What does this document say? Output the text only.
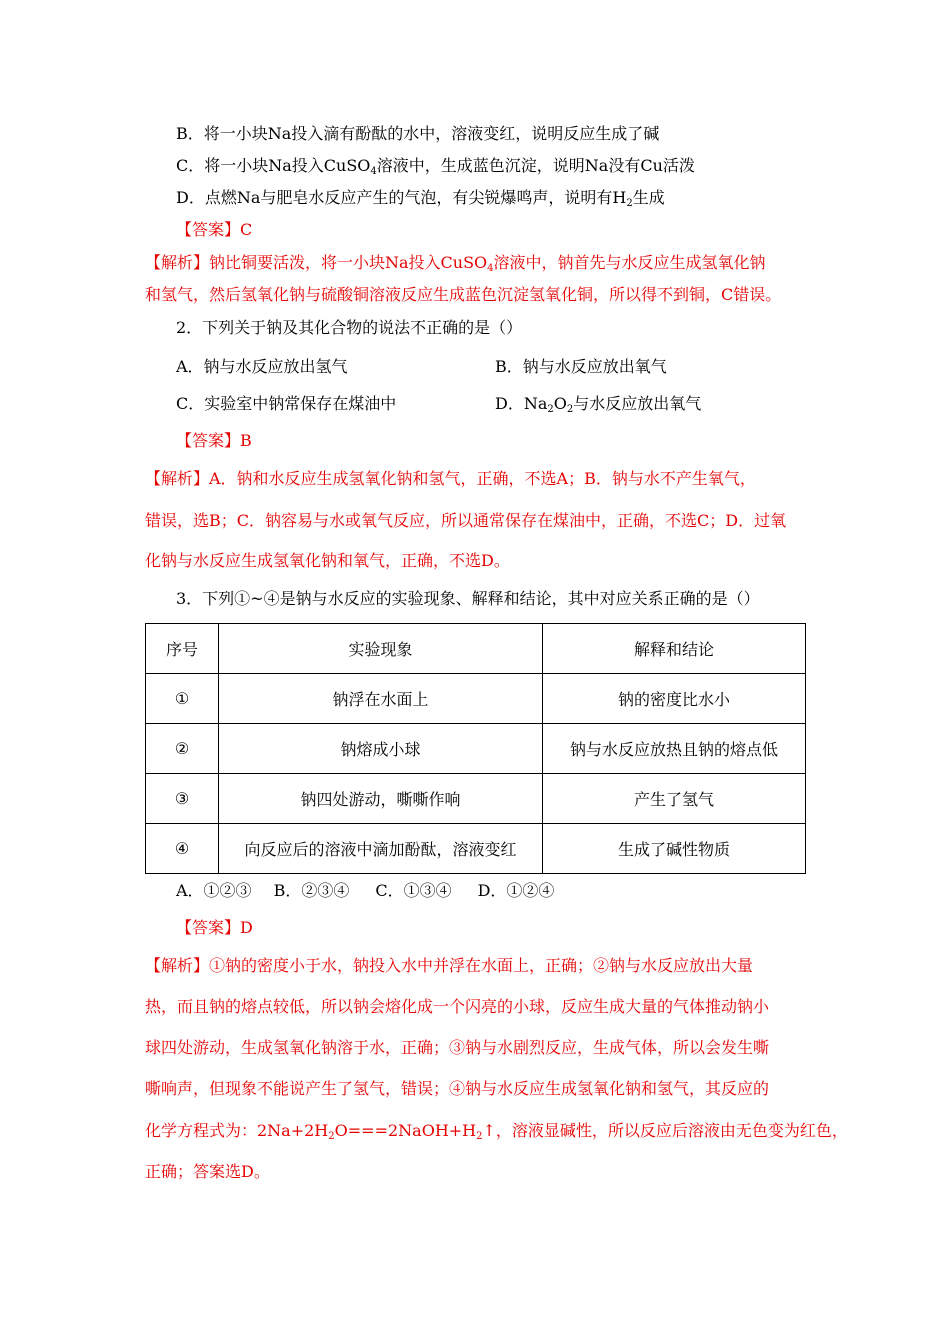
B．将一小块Na投入滴有酚酞的水中，溶液变红，说明反应生成了碱
C．将一小块Na投入CuSO$_4$溶液中，生成蓝色沉淀，说明Na没有Cu活泼
D．点燃Na与肥皂水反应产生的气泡，有尖锐爆鸣声，说明有$H_2$生成
【答案】C
【解析】钠比铜要活泼，将一小块Na投入CuSO$_4$溶液中，钠首先与水反应生成氢氧化钠
和氢气，然后氢氧化钠与硫酸铜溶液反应生成蓝色沉淀氢氧化铜，所以得不到铜，C错误。
2．下列关于钠及其化合物的说法不正确的是（）
A．钠与水反应放出氢气	B．钠与水反应放出氧气
C．实验室中钠常保存在煤油中	D．$Na_2O_2$与水反应放出氧气
【答案】B
【解析】A．钠和水反应生成氢氧化钠和氢气，正确，不选A；B．钠与水不产生氧气，
错误，选B；C．钠容易与水或氧气反应，所以通常保存在煤油中，正确，不选C；D．过氧
化钠与水反应生成氢氧化钠和氧气，正确，不选D。
3．下列①~④是钠与水反应的实验现象、解释和结论，其中对应关系正确的是（）
序号	实验现象	解释和结论
①	钠浮在水面上	钠的密度比水小
②	钠熔成小球	钠与水反应放热且钠的熔点低
③	钠四处游动，嘶嘶作响	产生了氢气
④	向反应后的溶液中滴加酚酞，溶液变红	生成了碱性物质
A．①②③ B．②③④ C．①③④ D．①②④
【答案】D
【解析】①钠的密度小于水，钠投入水中并浮在水面上，正确；②钠与水反应放出大量
热，而且钠的熔点较低，所以钠会熔化成一个闪亮的小球，反应生成大量的气体推动钠小
球四处游动，生成氢氧化钠溶于水，正确；③钠与水剧烈反应，生成气体，所以会发生嘶
嘶响声，但现象不能说产生了氢气，错误；④钠与水反应生成氢氧化钠和氢气，其反应的
化学方程式为：$2Na+2H_2O===2NaOH+H_2↑$，溶液显碱性，所以反应后溶液由无色变为红色，
正确；答案选D。
